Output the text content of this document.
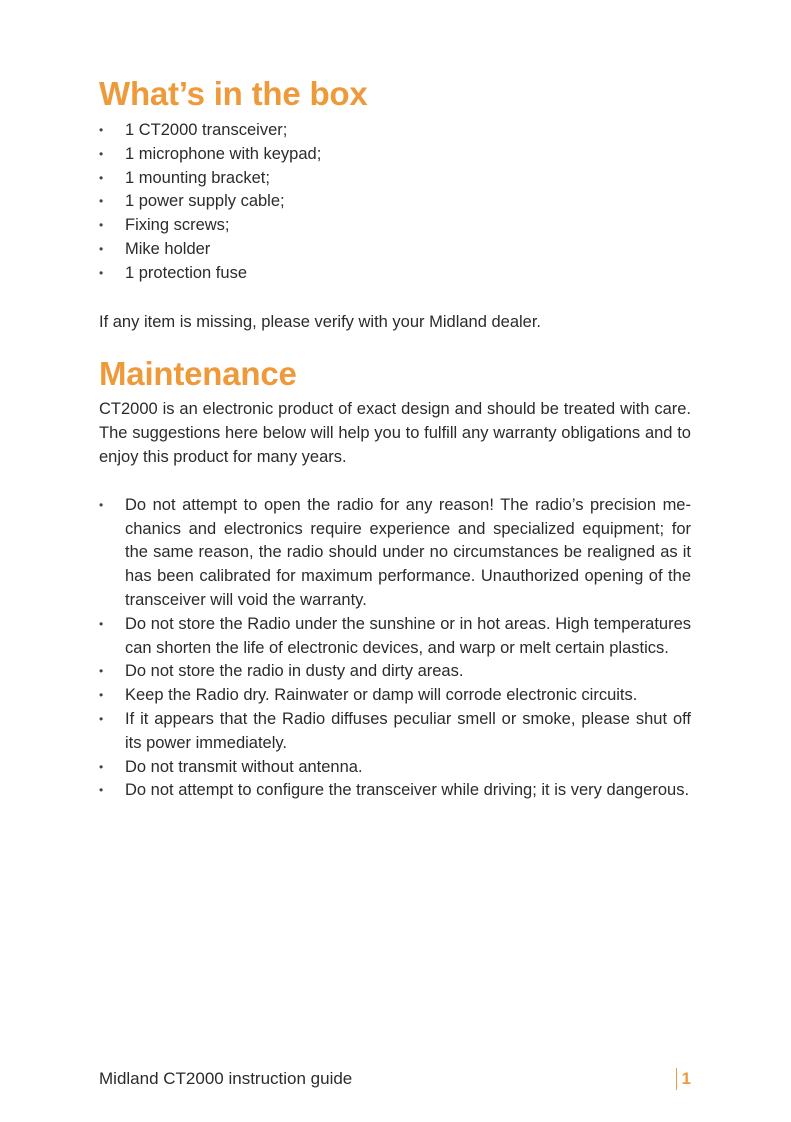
What’s in the box
•	1 CT2000 transceiver;
•	1 microphone with keypad;
•	1 mounting bracket;
•	1 power supply cable;
•	Fixing screws;
•	Mike holder
•	1 protection fuse

If any item is missing, please verify with your Midland dealer.

Maintenance

CT2000 is an electronic product of exact design and should be treated with care. The suggestions here below will help you to fulfill any warranty obligations and to enjoy this product for many years.

•	Do not attempt to open the radio for any reason! The radio’s precision mechanics and electronics require experience and specialized equipment; for the same reason, the radio should under no circumstances be realigned as it has been calibrated for maximum performance. Unauthorized opening of the transceiver will void the warranty.
•	Do not store the Radio under the sunshine or in hot areas. High temperatures can shorten the life of electronic devices, and warp or melt certain plastics.
•	Do not store the radio in dusty and dirty areas.
•	Keep the Radio dry. Rainwater or damp will corrode electronic circuits.
•	If it appears that the Radio diffuses peculiar smell or smoke, please shut off its power immediately.
•	Do not transmit without antenna.
•	Do not attempt to configure the transceiver while driving; it is very dangerous.
Midland CT2000 instruction guide	1
